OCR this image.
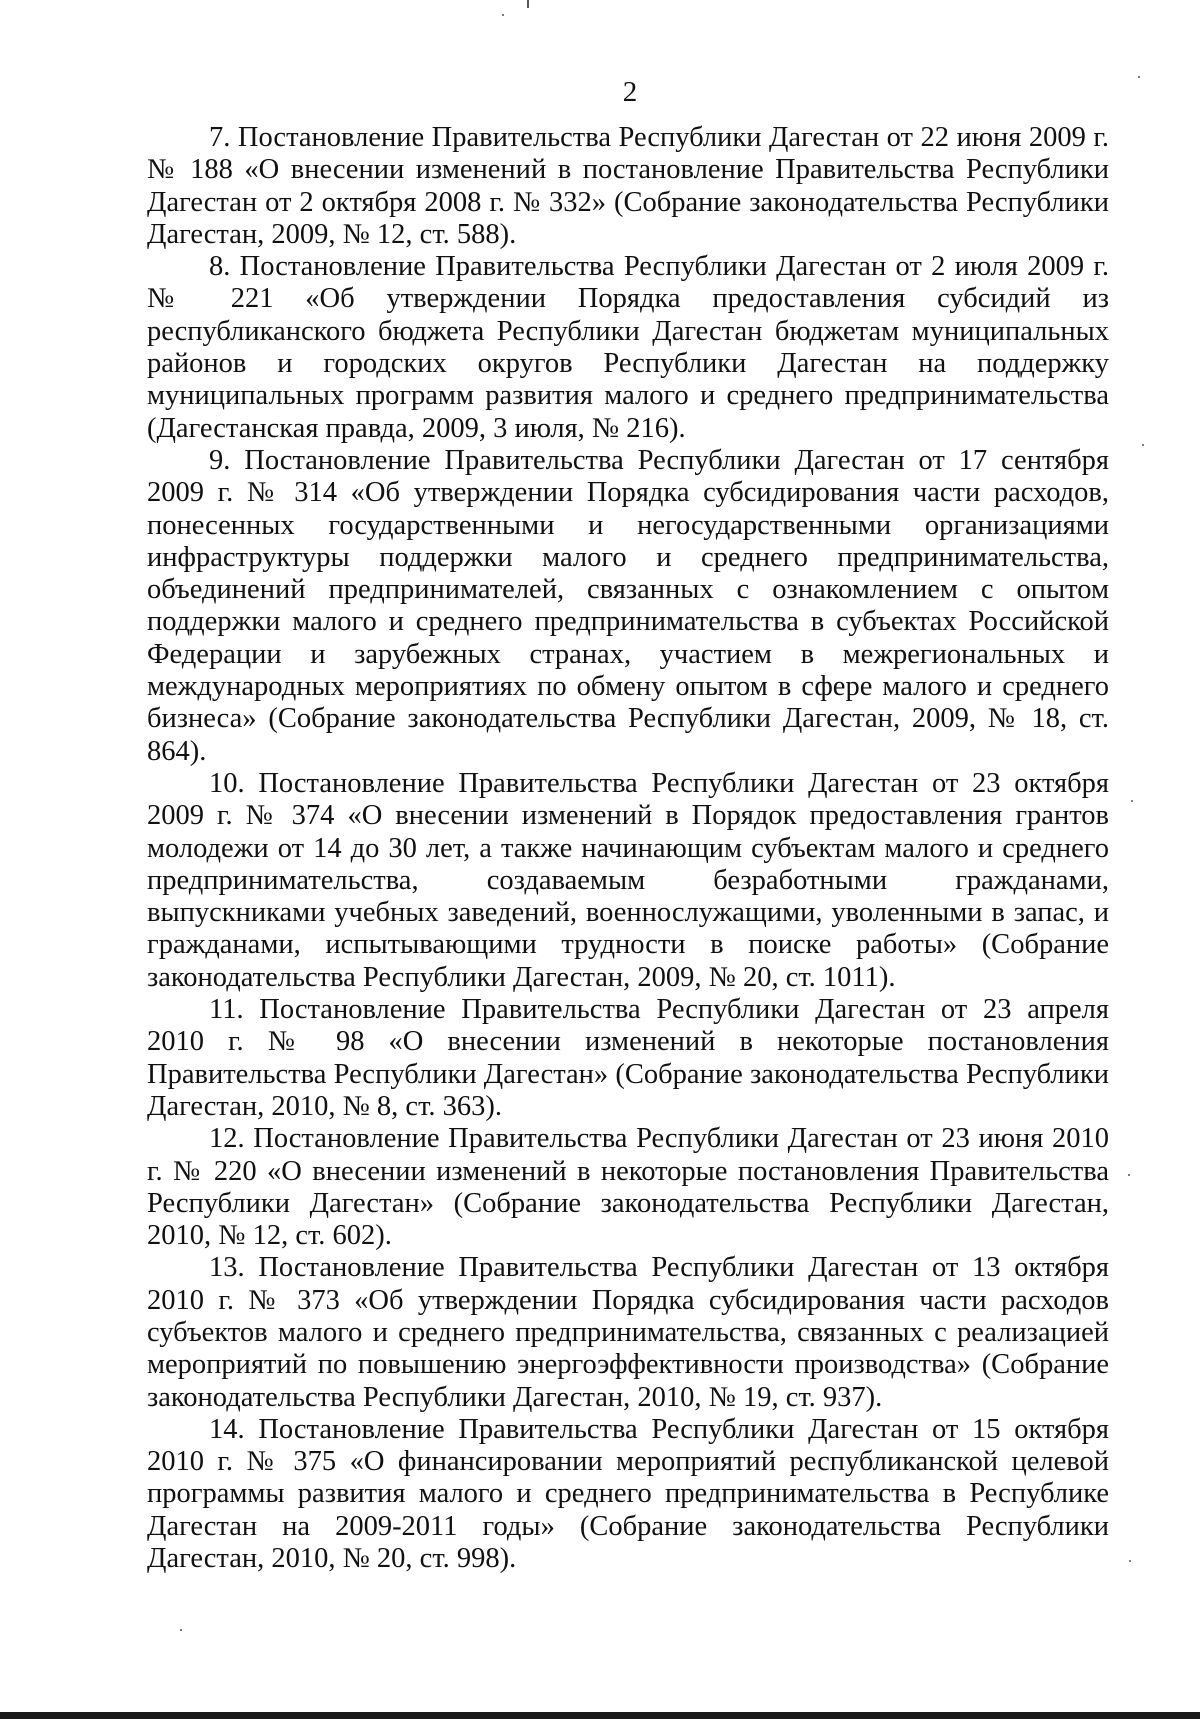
2

7. Постановление Правительства Республики Дагестан от 22 июня 2009 г. № 188 «О внесении изменений в постановление Правительства Республики Дагестан от 2 октября 2008 г. № 332» (Собрание законодательства Республики Дагестан, 2009, № 12, ст. 588).

8. Постановление Правительства Республики Дагестан от 2 июля 2009 г. № 221 «Об утверждении Порядка предоставления субсидий из республиканского бюджета Республики Дагестан бюджетам муниципальных районов и городских округов Республики Дагестан на поддержку муниципальных программ развития малого и среднего предпринимательства (Дагестанская правда, 2009, 3 июля, № 216).

9. Постановление Правительства Республики Дагестан от 17 сентября 2009 г. № 314 «Об утверждении Порядка субсидирования части расходов, понесенных государственными и негосударственными организациями инфраструктуры поддержки малого и среднего предпринимательства, объединений предпринимателей, связанных с ознакомлением с опытом поддержки малого и среднего предпринимательства в субъектах Российской Федерации и зарубежных странах, участием в межрегиональных и международных мероприятиях по обмену опытом в сфере малого и среднего бизнеса» (Собрание законодательства Республики Дагестан, 2009, № 18, ст. 864).

10. Постановление Правительства Республики Дагестан от 23 октября 2009 г. № 374 «О внесении изменений в Порядок предоставления грантов молодежи от 14 до 30 лет, а также начинающим субъектам малого и среднего предпринимательства, создаваемым безработными гражданами, выпускниками учебных заведений, военнослужащими, уволенными в запас, и гражданами, испытывающими трудности в поиске работы» (Собрание законодательства Республики Дагестан, 2009, № 20, ст. 1011).

11. Постановление Правительства Республики Дагестан от 23 апреля 2010 г. № 98 «О внесении изменений в некоторые постановления Правительства Республики Дагестан» (Собрание законодательства Республики Дагестан, 2010, № 8, ст. 363).

12. Постановление Правительства Республики Дагестан от 23 июня 2010 г. № 220 «О внесении изменений в некоторые постановления Правительства Республики Дагестан» (Собрание законодательства Республики Дагестан, 2010, № 12, ст. 602).

13. Постановление Правительства Республики Дагестан от 13 октября 2010 г. № 373 «Об утверждении Порядка субсидирования части расходов субъектов малого и среднего предпринимательства, связанных с реализацией мероприятий по повышению энергоэффективности производства» (Собрание законодательства Республики Дагестан, 2010, № 19, ст. 937).

14. Постановление Правительства Республики Дагестан от 15 октября 2010 г. № 375 «О финансировании мероприятий республиканской целевой программы развития малого и среднего предпринимательства в Республике Дагестан на 2009-2011 годы» (Собрание законодательства Республики Дагестан, 2010, № 20, ст. 998).
